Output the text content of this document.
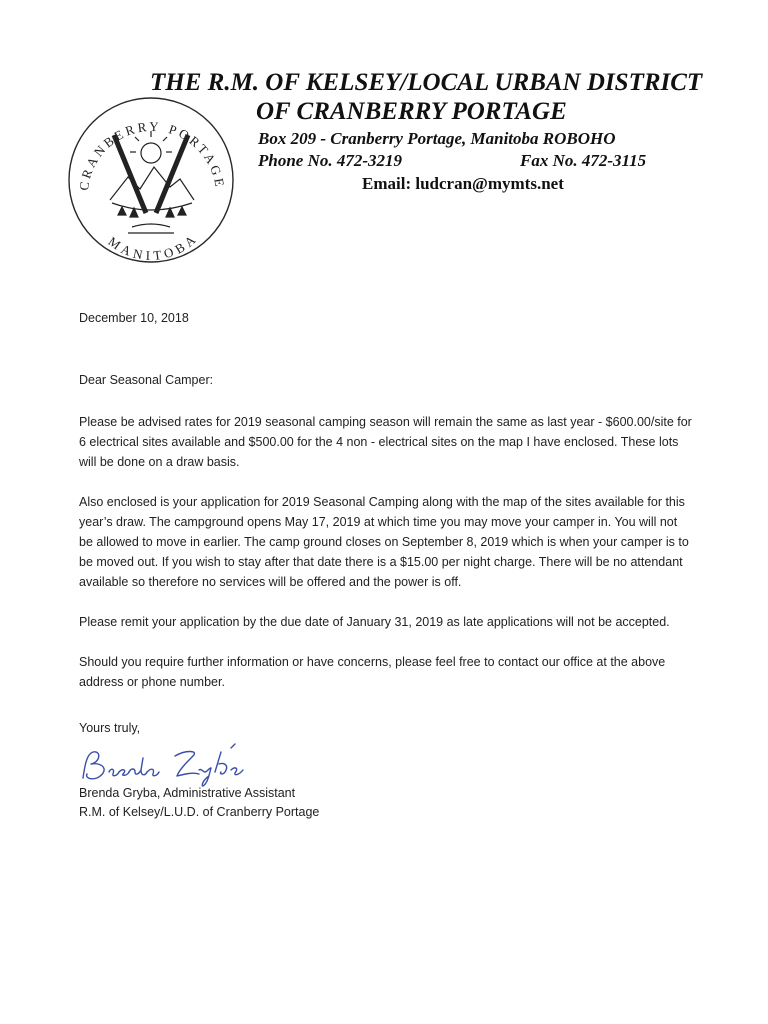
CRANBERRY PORTAGE
MANITOBA

THE R.M. OF KELSEY/LOCAL URBAN DISTRICT

OF CRANBERRY PORTAGE

Box 209 - Cranberry Portage, Manitoba ROBOHO

Phone No. 472-3219	Fax No. 472-3115

Email: ludcran@mymts.net

December 10, 2018

Dear Seasonal Camper:

Please be advised rates for 2019 seasonal camping season will remain the same as last year - $600.00/site for 6 electrical sites available and $500.00 for the 4 non - electrical sites on the map I have enclosed. These lots will be done on a draw basis.

Also enclosed is your application for 2019 Seasonal Camping along with the map of the sites available for this year’s draw. The campground opens May 17, 2019 at which time you may move your camper in. You will not be allowed to move in earlier. The camp ground closes on September 8, 2019 which is when your camper is to be moved out. If you wish to stay after that date there is a $15.00 per night charge. There will be no attendant available so therefore no services will be offered and the power is off.

Please remit your application by the due date of January 31, 2019 as late applications will not be accepted.

Should you require further information or have concerns, please feel free to contact our office at the above address or phone number.

Yours truly,

Brenda Gryba, Administrative Assistant

R.M. of Kelsey/L.U.D. of Cranberry Portage
